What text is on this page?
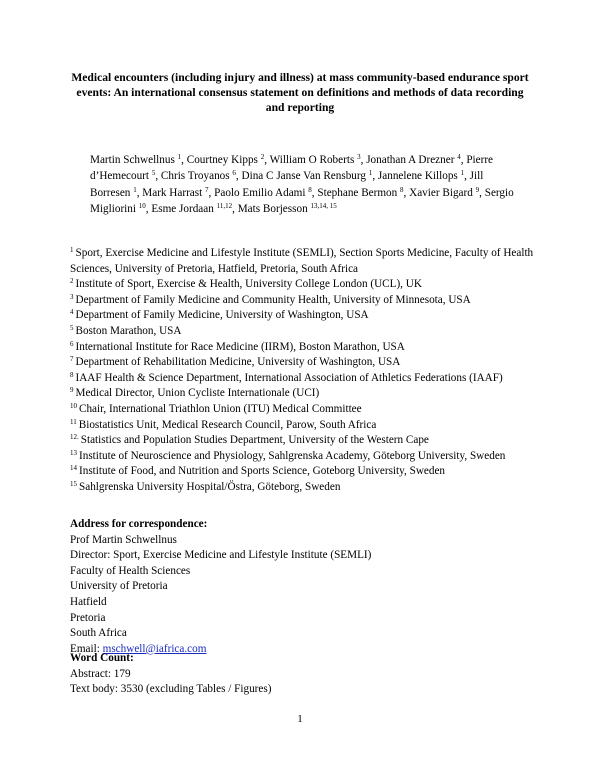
Medical encounters (including injury and illness) at mass community-based endurance sport events: An international consensus statement on definitions and methods of data recording and reporting
Martin Schwellnus $^1$, Courtney Kipps $^2$, William O Roberts $^3$, Jonathan A Drezner $^4$, Pierre d’Hemecourt $^5$, Chris Troyanos $^6$, Dina C Janse Van Rensburg $^1$, Jannelene Killops $^1$, Jill Borresen $^1$, Mark Harrast $^7$, Paolo Emilio Adami $^8$, Stephane Bermon $^8$, Xavier Bigard $^9$, Sergio Migliorini $^{10}$, Esme Jordaan $^{11,12}$, Mats Borjesson $^{13,14, 15}$
$^1$ Sport, Exercise Medicine and Lifestyle Institute (SEMLI), Section Sports Medicine, Faculty of Health Sciences, University of Pretoria, Hatfield, Pretoria, South Africa
$^2$ Institute of Sport, Exercise & Health, University College London (UCL), UK
$^3$ Department of Family Medicine and Community Health, University of Minnesota, USA
$^4$ Department of Family Medicine, University of Washington, USA
$^5$ Boston Marathon, USA
$^6$ International Institute for Race Medicine (IIRM), Boston Marathon, USA
$^7$ Department of Rehabilitation Medicine, University of Washington, USA
$^8$ IAAF Health & Science Department, International Association of Athletics Federations (IAAF)
$^9$ Medical Director, Union Cycliste Internationale (UCI)
$^{10}$ Chair, International Triathlon Union (ITU) Medical Committee
$^{11}$ Biostatistics Unit, Medical Research Council, Parow, South Africa
$^{12.}$ Statistics and Population Studies Department, University of the Western Cape
$^{13}$ Institute of Neuroscience and Physiology, Sahlgrenska Academy, Göteborg University, Sweden
$^{14}$ Institute of Food, and Nutrition and Sports Science, Goteborg University, Sweden
$^{15}$ Sahlgrenska University Hospital/Östra, Göteborg, Sweden
Address for correspondence:
Prof Martin Schwellnus
Director: Sport, Exercise Medicine and Lifestyle Institute (SEMLI)
Faculty of Health Sciences
University of Pretoria
Hatfield
Pretoria
South Africa
Email: mschwell@iafrica.com
Word Count:
Abstract: 179
Text body: 3530 (excluding Tables / Figures)
1
